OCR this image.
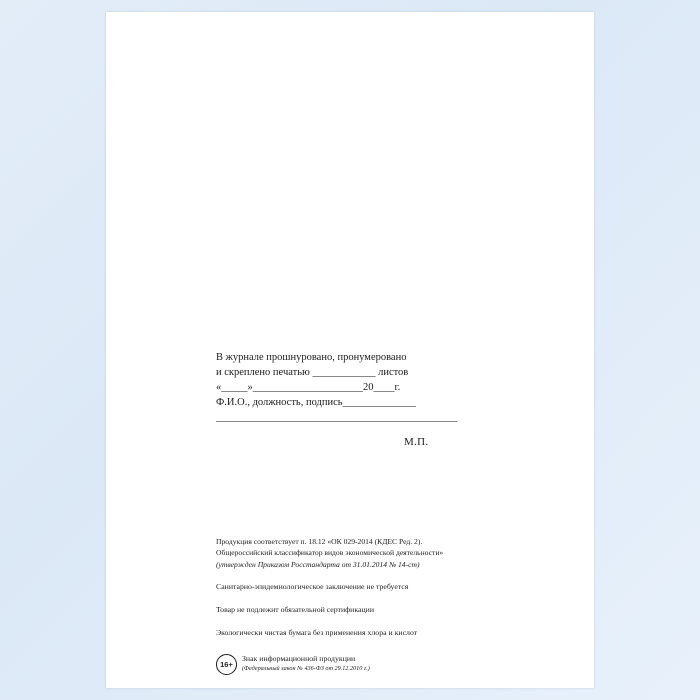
В журнале прошнуровано, пронумеровано
и скреплено печатью ____________ листов
«_____»_____________________20____г.
Ф.И.О., должность, подпись______________
______________________________________________
М.П.
Продукция соответствует п. 18.12 «ОК 029-2014 (КДЕС Ред. 2).
Общероссийский классификатор видов экономической деятельности»
(утвержден Приказом Росстандарта от 31.01.2014 № 14-ст)
Санитарно-эпидемиологическое заключение не требуется
Товар не подлежит обязательной сертификации
Экологически чистая бумага без применения хлора и кислот
16+
Знак информационной продукции
(Федеральный закон № 436-ФЗ от 29.12.2010 г.)
